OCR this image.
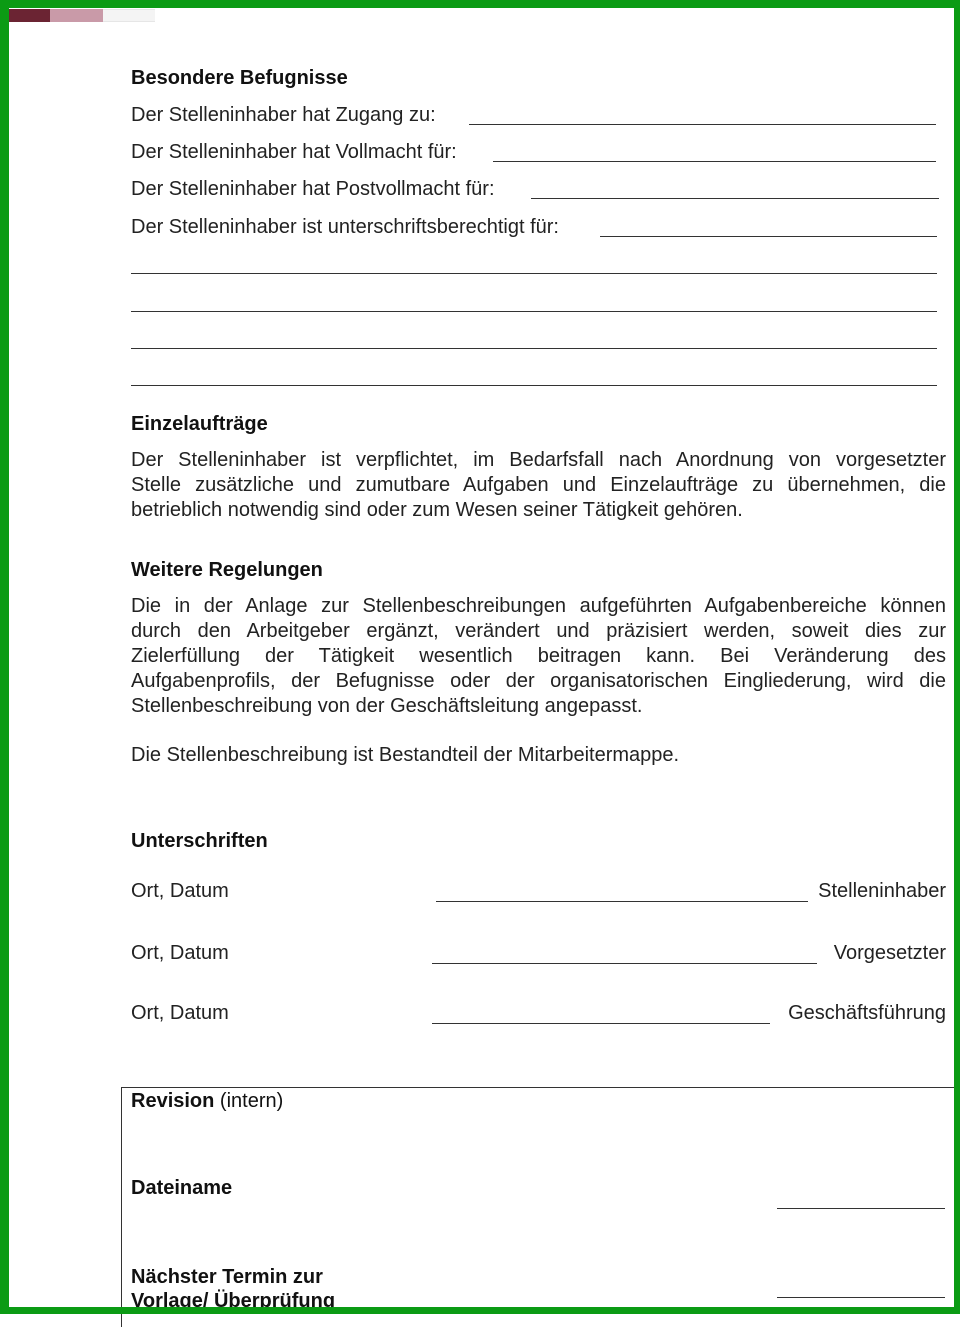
Besondere Befugnisse
Der Stelleninhaber hat Zugang zu:
Der Stelleninhaber hat Vollmacht für:
Der Stelleninhaber hat Postvollmacht für:
Der Stelleninhaber ist unterschriftsberechtigt für:
Einzelaufträge
Der Stelleninhaber ist verpflichtet, im Bedarfsfall nach Anordnung von vorgesetzter
Stelle zusätzliche und zumutbare Aufgaben und Einzelaufträge zu übernehmen, die
betrieblich notwendig sind oder zum Wesen seiner Tätigkeit gehören.
Weitere Regelungen
Die in der Anlage zur Stellenbeschreibungen aufgeführten Aufgabenbereiche können
durch den Arbeitgeber ergänzt, verändert und präzisiert werden, soweit dies zur
Zielerfüllung der Tätigkeit wesentlich beitragen kann. Bei Veränderung des
Aufgabenprofils, der Befugnisse oder der organisatorischen Eingliederung, wird die
Stellenbeschreibung von der Geschäftsleitung angepasst.
Die Stellenbeschreibung ist Bestandteil der Mitarbeitermappe.
Unterschriften
Ort, Datum	Stelleninhaber
Ort, Datum	Vorgesetzter
Ort, Datum	Geschäftsführung
Revision (intern)
Dateiname
Nächster Termin zur
Vorlage/ Überprüfung
